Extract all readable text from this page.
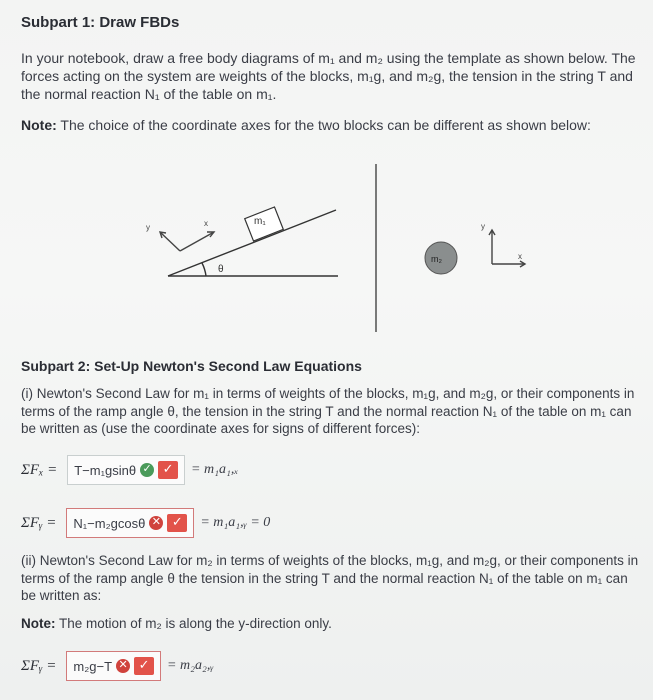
Subpart 1: Draw FBDs
In your notebook, draw a free body diagrams of m₁ and m₂ using the template as shown below. The forces acting on the system are weights of the blocks, m₁g, and m₂g, the tension in the string T and the normal reaction N₁ of the table on m₁.
Note: The choice of the coordinate axes for the two blocks can be different as shown below:
y	x
θ
m₁
m₂
y
x
Subpart 2: Set-Up Newton's Second Law Equations
(i) Newton's Second Law for m₁ in terms of weights of the blocks, m₁g, and m₂g, or their components in terms of the ramp angle θ, the tension in the string T and the normal reaction N₁ of the table on m₁ can be written as (use the coordinate axes for signs of different forces):
ΣFₓ = T−m₁gsinθ ✓ ✓	= m₁a₁,ₓ
ΣFᵧ = N₁−m₂gcosθ ✕ ✓	= m₁a₁,ᵧ = 0
(ii) Newton's Second Law for m₂ in terms of weights of the blocks, m₁g, and m₂g, or their components in terms of the ramp angle θ the tension in the string T and the normal reaction N₁ of the table on m₁ can be written as:
Note: The motion of m₂ is along the y-direction only.
ΣFᵧ = m₂g−T ✕ ✓	= m₂a₂,ᵧ
